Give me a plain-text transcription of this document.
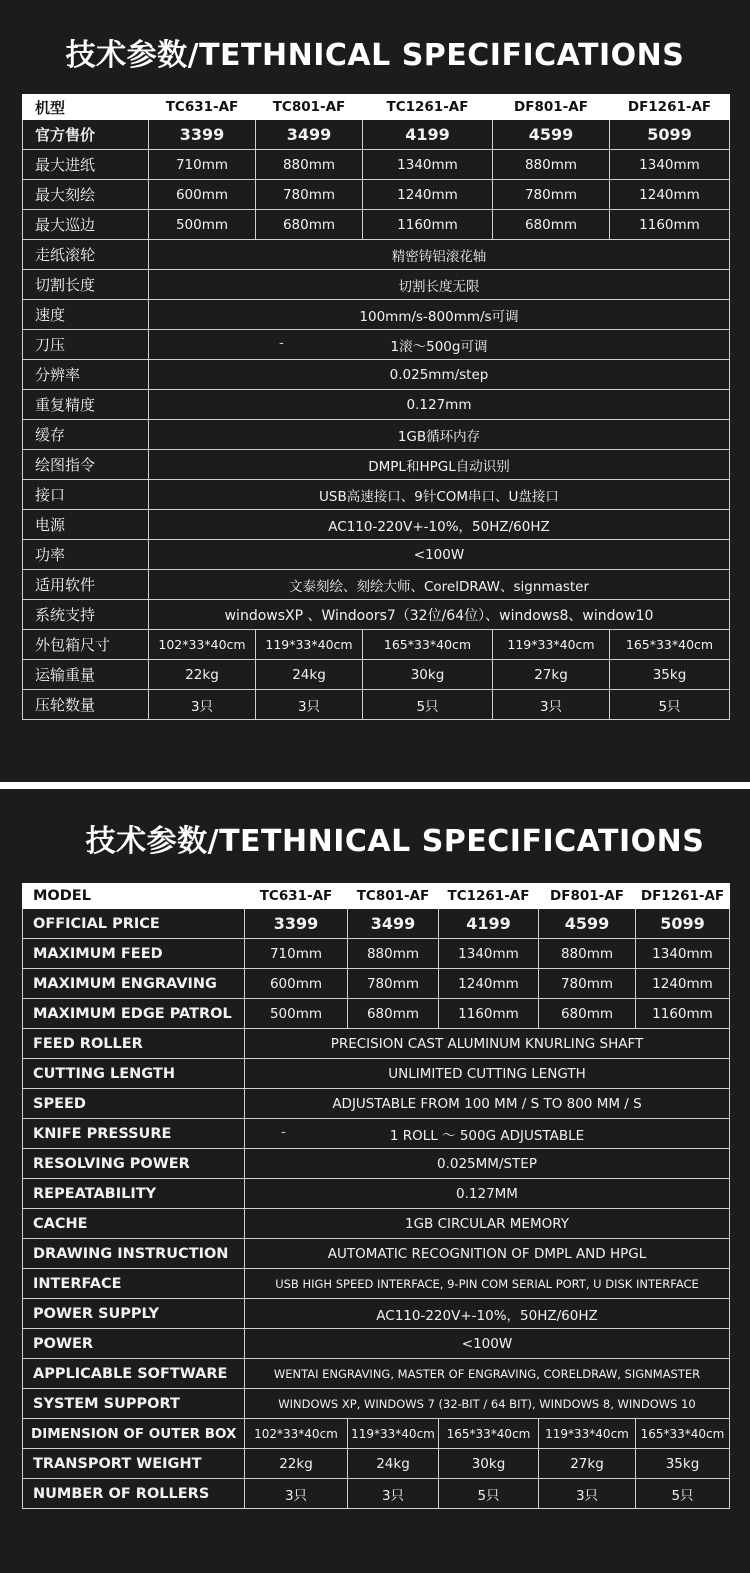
技术参数/TETHNICAL SPECIFICATIONS
机型	TC631-AF	TC801-AF	TC1261-AF	DF801-AF	DF1261-AF
官方售价	3399	3499	4199	4599	5099
最大进纸	710mm	880mm	1340mm	880mm	1340mm
最大刻绘	600mm	780mm	1240mm	780mm	1240mm
最大巡边	500mm	680mm	1160mm	680mm	1160mm
走纸滚轮	精密铸铝滚花轴				
切割长度	切割长度无限				
速度	100mm/s-800mm/s可调				
刀压	- 1滚～500g可调				
分辨率	0.025mm/step				
重复精度	0.127mm				
缓存	1GB循环内存				
绘图指令	DMPL和HPGL自动识别				
接口	USB高速接口、9针COM串口、U盘接口				
电源	AC110-220V+-10%，50HZ/60HZ				
功率	<100W				
适用软件	文泰刻绘、刻绘大师、CorelDRAW、signmaster				
系统支持	windowsXP 、Windoors7（32位/64位）、windows8、window10				
外包箱尺寸	102*33*40cm	119*33*40cm	165*33*40cm	119*33*40cm	165*33*40cm
运输重量	22kg	24kg	30kg	27kg	35kg
压轮数量	3只	3只	5只	3只	5只
技术参数/TETHNICAL SPECIFICATIONS
MODEL	TC631-AF	TC801-AF	TC1261-AF	DF801-AF	DF1261-AF
OFFICIAL PRICE	3399	3499	4199	4599	5099
MAXIMUM FEED	710mm	880mm	1340mm	880mm	1340mm
MAXIMUM ENGRAVING	600mm	780mm	1240mm	780mm	1240mm
MAXIMUM EDGE PATROL	500mm	680mm	1160mm	680mm	1160mm
FEED ROLLER	PRECISION CAST ALUMINUM KNURLING SHAFT				
CUTTING LENGTH	UNLIMITED CUTTING LENGTH				
SPEED	ADJUSTABLE FROM 100 MM / S TO 800 MM / S				
KNIFE PRESSURE	- 1 ROLL ～ 500G ADJUSTABLE				
RESOLVING POWER	0.025MM/STEP				
REPEATABILITY	0.127MM				
CACHE	1GB CIRCULAR MEMORY				
DRAWING INSTRUCTION	AUTOMATIC RECOGNITION OF DMPL AND HPGL				
INTERFACE	USB HIGH SPEED INTERFACE, 9-PIN COM SERIAL PORT, U DISK INTERFACE				
POWER SUPPLY	AC110-220V+-10%，50HZ/60HZ				
POWER	<100W				
APPLICABLE SOFTWARE	WENTAI ENGRAVING, MASTER OF ENGRAVING, CORELDRAW, SIGNMASTER				
SYSTEM SUPPORT	WINDOWS XP, WINDOWS 7 (32-BIT / 64 BIT), WINDOWS 8, WINDOWS 10				
DIMENSION OF OUTER BOX	102*33*40cm	119*33*40cm	165*33*40cm	119*33*40cm	165*33*40cm
TRANSPORT WEIGHT	22kg	24kg	30kg	27kg	35kg
NUMBER OF ROLLERS	3只	3只	5只	3只	5只
